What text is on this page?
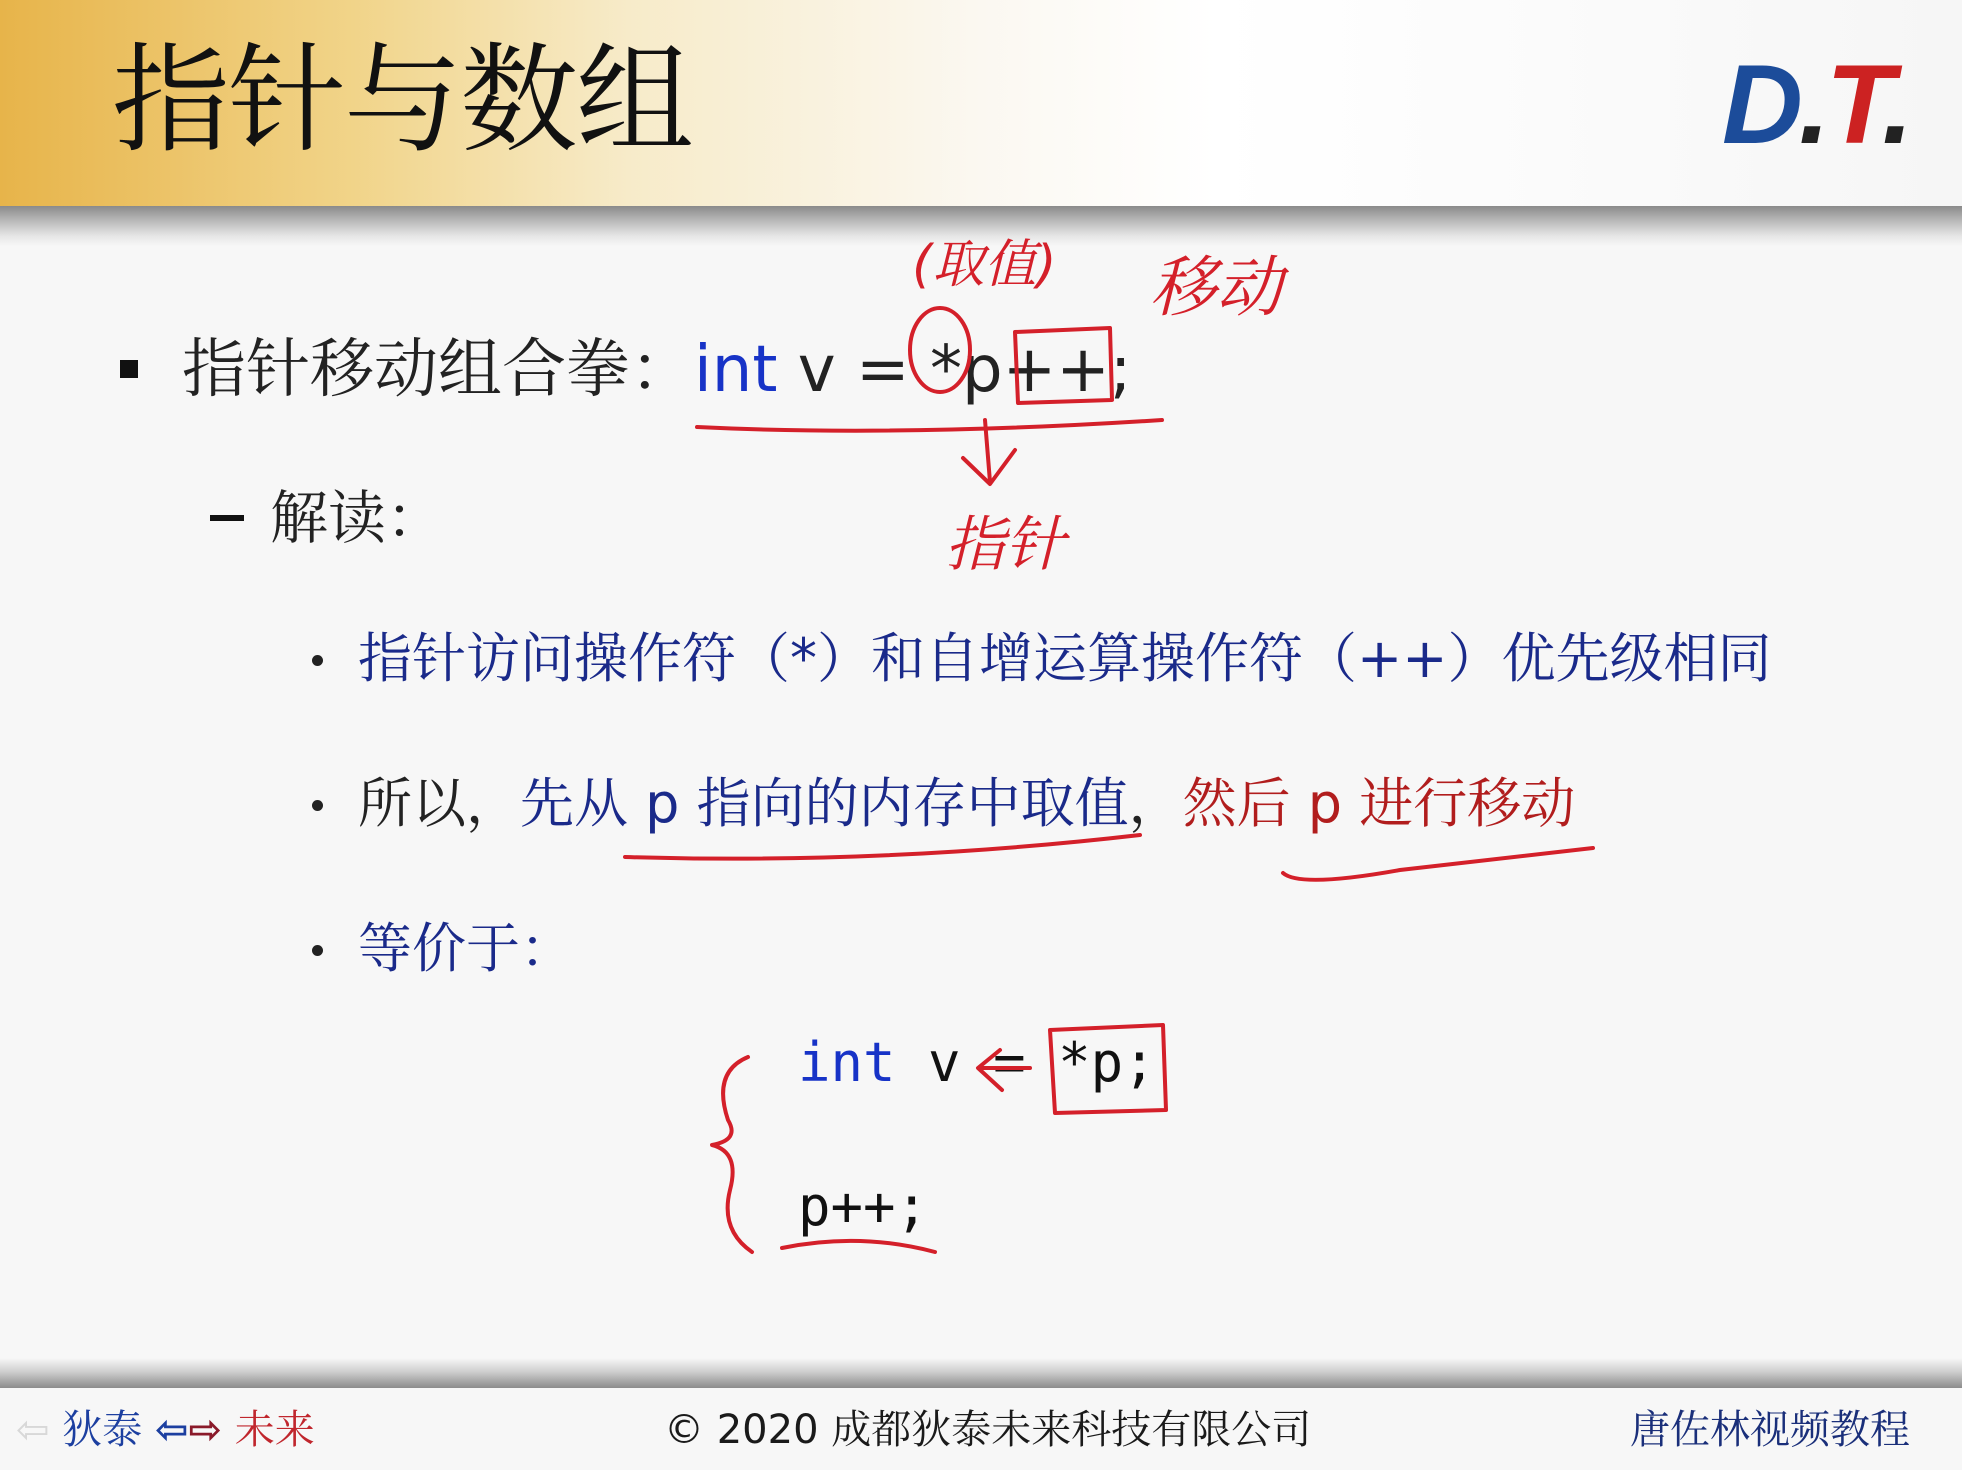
指针与数组	D.T.
指针移动组合拳：int v = *p++;
解读：
指针访问操作符（*）和自增运算操作符（++）优先级相同
所以，先从 p 指向的内存中取值，然后 p 进行移动
等价于：
int v = *p;
p++;
(取值) 移动
指针
⇦ 狄泰 ⇦⇨ 未来	© 2020 成都狄泰未来科技有限公司	唐佐林视频教程
